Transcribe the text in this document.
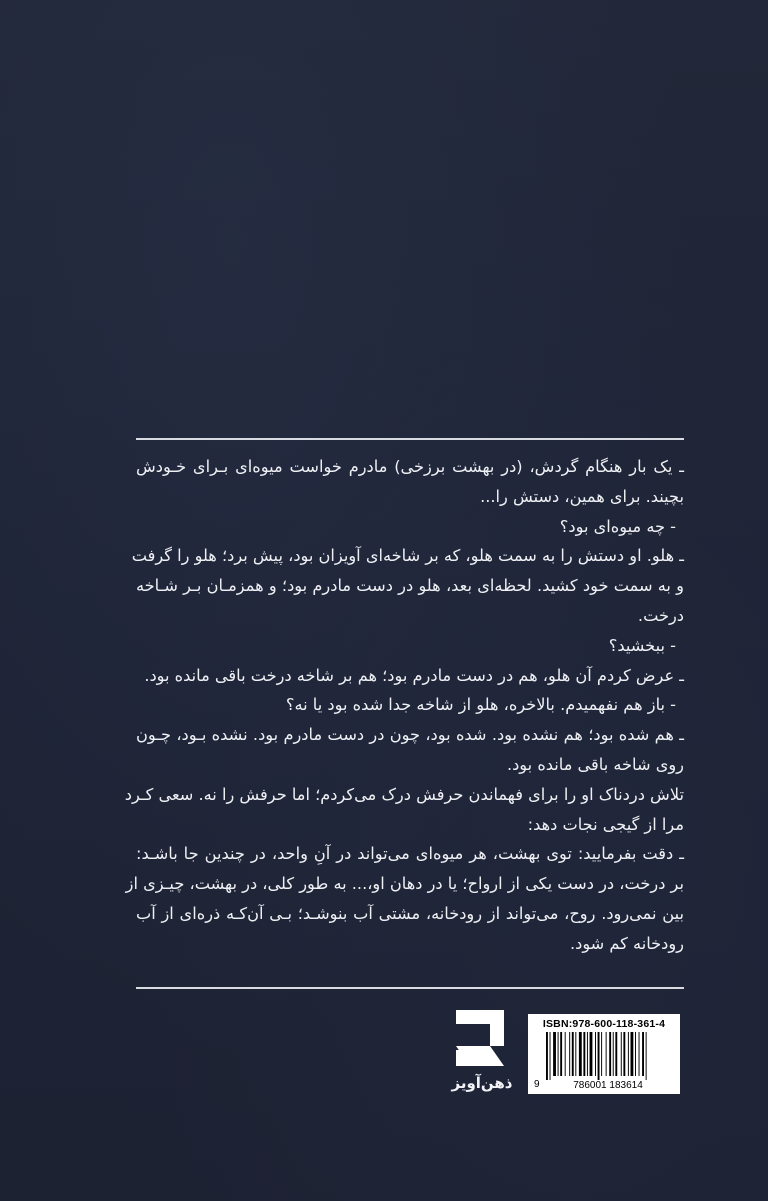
ـ یک بار هنگام گردش، (در بهشت برزخی) مادرم خواست میوه‌ای بـرای خـودش
بچیند. برای همین، دستش را...
- چه میوه‌ای بود؟
ـ هلو. او دستش را به سمت هلو، که بر شاخه‌ای آویزان بود، پیش برد؛ هلو را گرفت
و به سمت خود کشید. لحظه‌ای بعد، هلو در دست مادرم بود؛ و همزمـان بـر شـاخه
درخت.
- ببخشید؟
ـ عرض کردم آن هلو، هم در دست مادرم بود؛ هم بر شاخه درخت باقی مانده بود.
- باز هم نفهمیدم. بالاخره، هلو از شاخه جدا شده بود یا نه؟
ـ هم شده بود؛ هم نشده بود. شده بود، چون در دست مادرم بود. نشده بـود، چـون
روی شاخه باقی مانده بود.
تلاش دردناک او را برای فهماندن حرفش درک می‌کردم؛ اما حرفش را نه. سعی کـرد
مرا از گیجی نجات دهد:
ـ دقت بفرمایید: توی بهشت، هر میوه‌ای می‌تواند در آنِ واحد، در چندین جا باشـد:
بر درخت، در دست یکی از ارواح؛ یا در دهان او،... به طور کلی، در بهشت، چیـزی از
بین نمی‌رود. روح، می‌تواند از رودخانه، مشتی آب بنوشـد؛ بـی آن‌کـه ذره‌ای از آب
رودخانه کم شود.
ذهن‌آویز
ISBN:978-600-118-361-4
9	786001 183614
